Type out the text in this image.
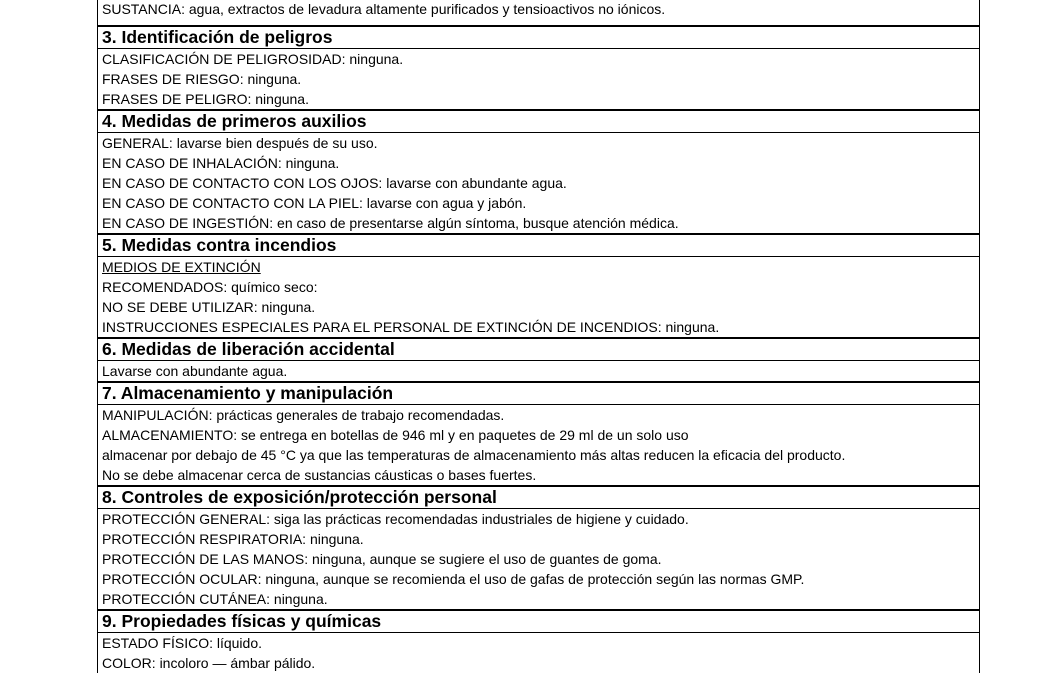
SUSTANCIA: agua, extractos de levadura altamente purificados y tensioactivos no iónicos.
3. Identificación de peligros
CLASIFICACIÓN DE PELIGROSIDAD: ninguna.
FRASES DE RIESGO: ninguna.
FRASES DE PELIGRO: ninguna.
4. Medidas de primeros auxilios
GENERAL: lavarse bien después de su uso.
EN CASO DE INHALACIÓN: ninguna.
EN CASO DE CONTACTO CON LOS OJOS: lavarse con abundante agua.
EN CASO DE CONTACTO CON LA PIEL: lavarse con agua y jabón.
EN CASO DE INGESTIÓN: en caso de presentarse algún síntoma, busque atención médica.
5. Medidas contra incendios
MEDIOS DE EXTINCIÓN
RECOMENDADOS: químico seco:
NO SE DEBE UTILIZAR: ninguna.
INSTRUCCIONES ESPECIALES PARA EL PERSONAL DE EXTINCIÓN DE INCENDIOS: ninguna.
6. Medidas de liberación accidental
Lavarse con abundante agua.
7. Almacenamiento y manipulación
MANIPULACIÓN: prácticas generales de trabajo recomendadas.
ALMACENAMIENTO: se entrega en botellas de 946 ml y en paquetes de 29 ml de un solo uso
almacenar por debajo de 45 °C ya que las temperaturas de almacenamiento más altas reducen la eficacia del producto.
No se debe almacenar cerca de sustancias cáusticas o bases fuertes.
8. Controles de exposición/protección personal
PROTECCIÓN GENERAL: siga las prácticas recomendadas industriales de higiene y cuidado.
PROTECCIÓN RESPIRATORIA: ninguna.
PROTECCIÓN DE LAS MANOS: ninguna, aunque se sugiere el uso de guantes de goma.
PROTECCIÓN OCULAR: ninguna, aunque se recomienda el uso de gafas de protección según las normas GMP.
PROTECCIÓN CUTÁNEA: ninguna.
9. Propiedades físicas y químicas
ESTADO FÍSICO: líquido.
COLOR: incoloro — ámbar pálido.
